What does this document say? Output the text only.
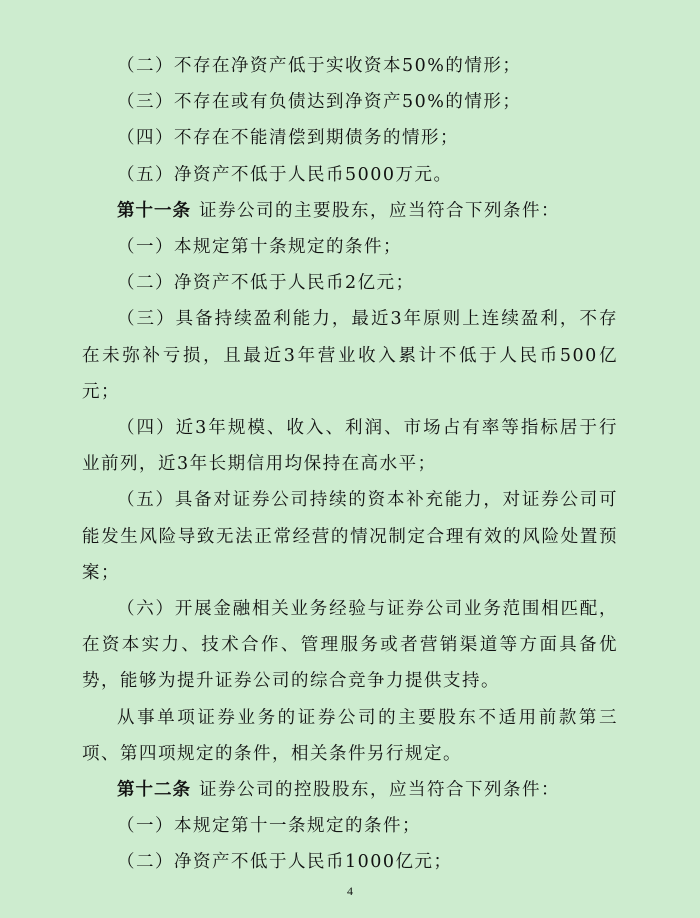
（二）不存在净资产低于实收资本50%的情形；

（三）不存在或有负债达到净资产50%的情形；

（四）不存在不能清偿到期债务的情形；

（五）净资产不低于人民币5000万元。

第十一条 证券公司的主要股东，应当符合下列条件：

（一）本规定第十条规定的条件；

（二）净资产不低于人民币2亿元；

（三）具备持续盈利能力，最近3年原则上连续盈利，不存在未弥补亏损，且最近3年营业收入累计不低于人民币500亿元；

（四）近3年规模、收入、利润、市场占有率等指标居于行业前列，近3年长期信用均保持在高水平；

（五）具备对证券公司持续的资本补充能力，对证券公司可能发生风险导致无法正常经营的情况制定合理有效的风险处置预案；

（六）开展金融相关业务经验与证券公司业务范围相匹配，在资本实力、技术合作、管理服务或者营销渠道等方面具备优势，能够为提升证券公司的综合竞争力提供支持。

从事单项证券业务的证券公司的主要股东不适用前款第三项、第四项规定的条件，相关条件另行规定。

第十二条 证券公司的控股股东，应当符合下列条件：

（一）本规定第十一条规定的条件；

（二）净资产不低于人民币1000亿元；

4
